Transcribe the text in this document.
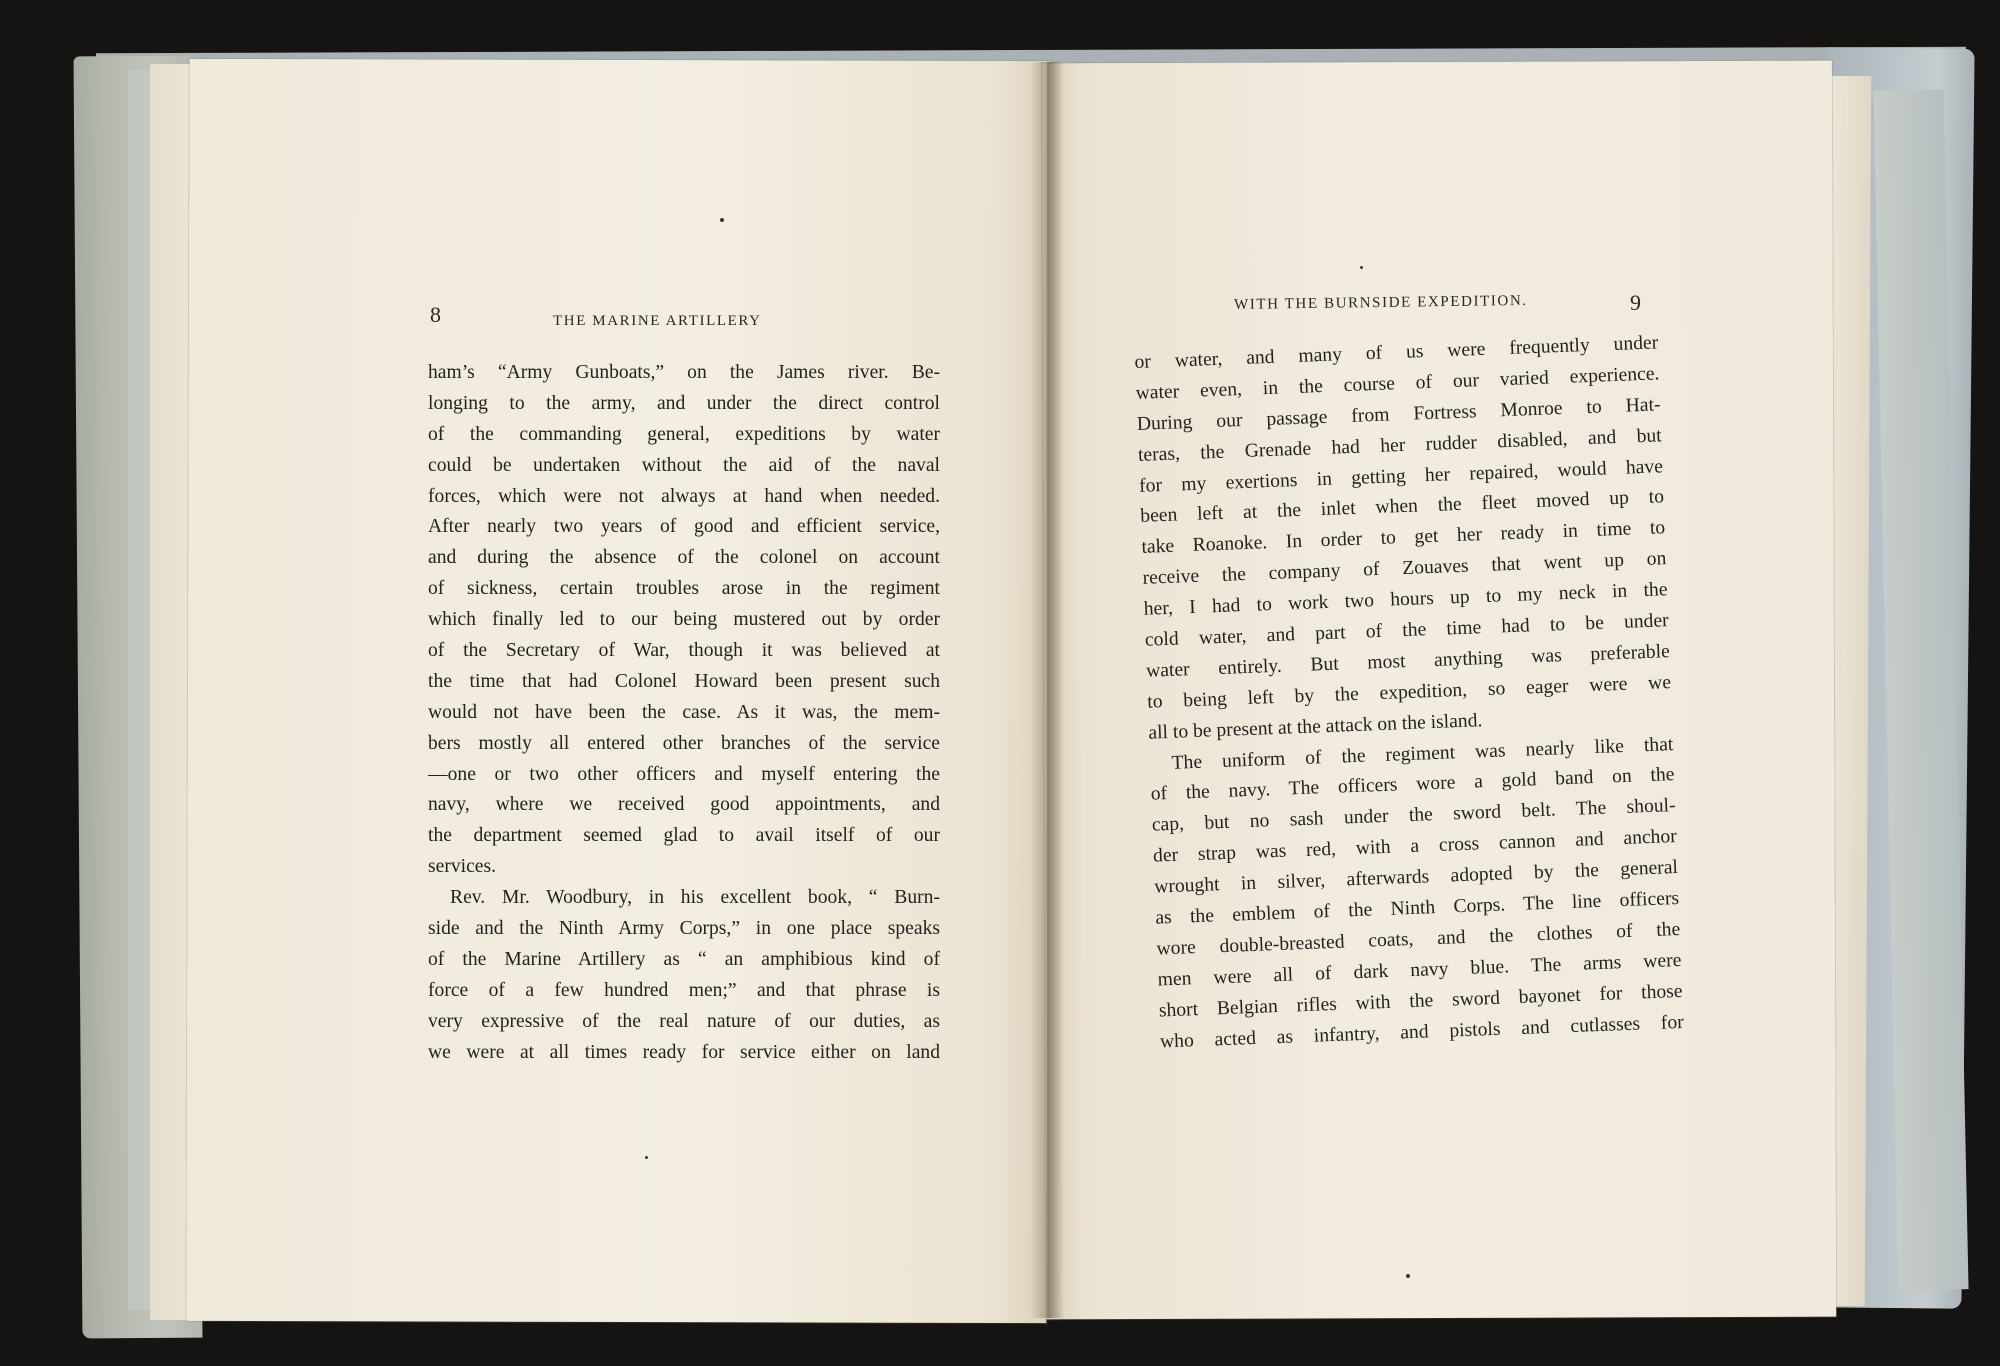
8	THE MARINE ARTILLERY
WITH THE BURNSIDE EXPEDITION.	9
ham’s “Army Gunboats,” on the James river. Be-
longing to the army, and under the direct control
of the commanding general, expeditions by water
could be undertaken without the aid of the naval
forces, which were not always at hand when needed.
After nearly two years of good and efficient service,
and during the absence of the colonel on account
of sickness, certain troubles arose in the regiment
which finally led to our being mustered out by order
of the Secretary of War, though it was believed at
the time that had Colonel Howard been present such
would not have been the case. As it was, the mem-
bers mostly all entered other branches of the service
—one or two other officers and myself entering the
navy, where we received good appointments, and
the department seemed glad to avail itself of our
services.
Rev. Mr. Woodbury, in his excellent book, “ Burn-
side and the Ninth Army Corps,” in one place speaks
of the Marine Artillery as “ an amphibious kind of
force of a few hundred men;” and that phrase is
very expressive of the real nature of our duties, as
we were at all times ready for service either on land
or water, and many of us were frequently under
water even, in the course of our varied experience.
During our passage from Fortress Monroe to Hat-
teras, the Grenade had her rudder disabled, and but
for my exertions in getting her repaired, would have
been left at the inlet when the fleet moved up to
take Roanoke. In order to get her ready in time to
receive the company of Zouaves that went up on
her, I had to work two hours up to my neck in the
cold water, and part of the time had to be under
water entirely. But most anything was preferable
to being left by the expedition, so eager were we
all to be present at the attack on the island.
The uniform of the regiment was nearly like that
of the navy. The officers wore a gold band on the
cap, but no sash under the sword belt. The shoul-
der strap was red, with a cross cannon and anchor
wrought in silver, afterwards adopted by the general
as the emblem of the Ninth Corps. The line officers
wore double-breasted coats, and the clothes of the
men were all of dark navy blue. The arms were
short Belgian rifles with the sword bayonet for those
who acted as infantry, and pistols and cutlasses for
